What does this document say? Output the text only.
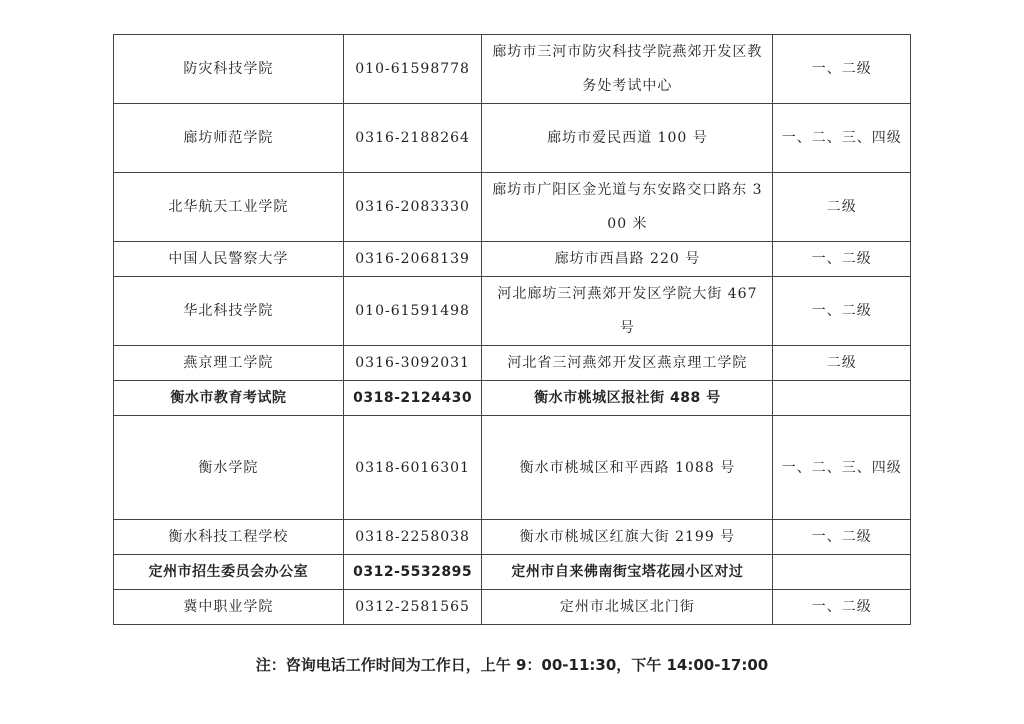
防灾科技学院	010-61598778	廊坊市三河市防灾科技学院燕郊开发区教务处考试中心	一、二级
廊坊师范学院	0316-2188264	廊坊市爱民西道 100 号	一、二、三、四级
北华航天工业学院	0316-2083330	廊坊市广阳区金光道与东安路交口路东 300 米	二级
中国人民警察大学	0316-2068139	廊坊市西昌路 220 号	一、二级
华北科技学院	010-61591498	河北廊坊三河燕郊开发区学院大街 467 号	一、二级
燕京理工学院	0316-3092031	河北省三河燕郊开发区燕京理工学院	二级
衡水市教育考试院	0318-2124430	衡水市桃城区报社街 488 号	
衡水学院	0318-6016301	衡水市桃城区和平西路 1088 号	一、二、三、四级
衡水科技工程学校	0318-2258038	衡水市桃城区红旗大街 2199 号	一、二级
定州市招生委员会办公室	0312-5532895	定州市自来佛南街宝塔花园小区对过	
冀中职业学院	0312-2581565	定州市北城区北门街	一、二级
注：咨询电话工作时间为工作日，上午 9：00-11:30，下午 14:00-17:00
